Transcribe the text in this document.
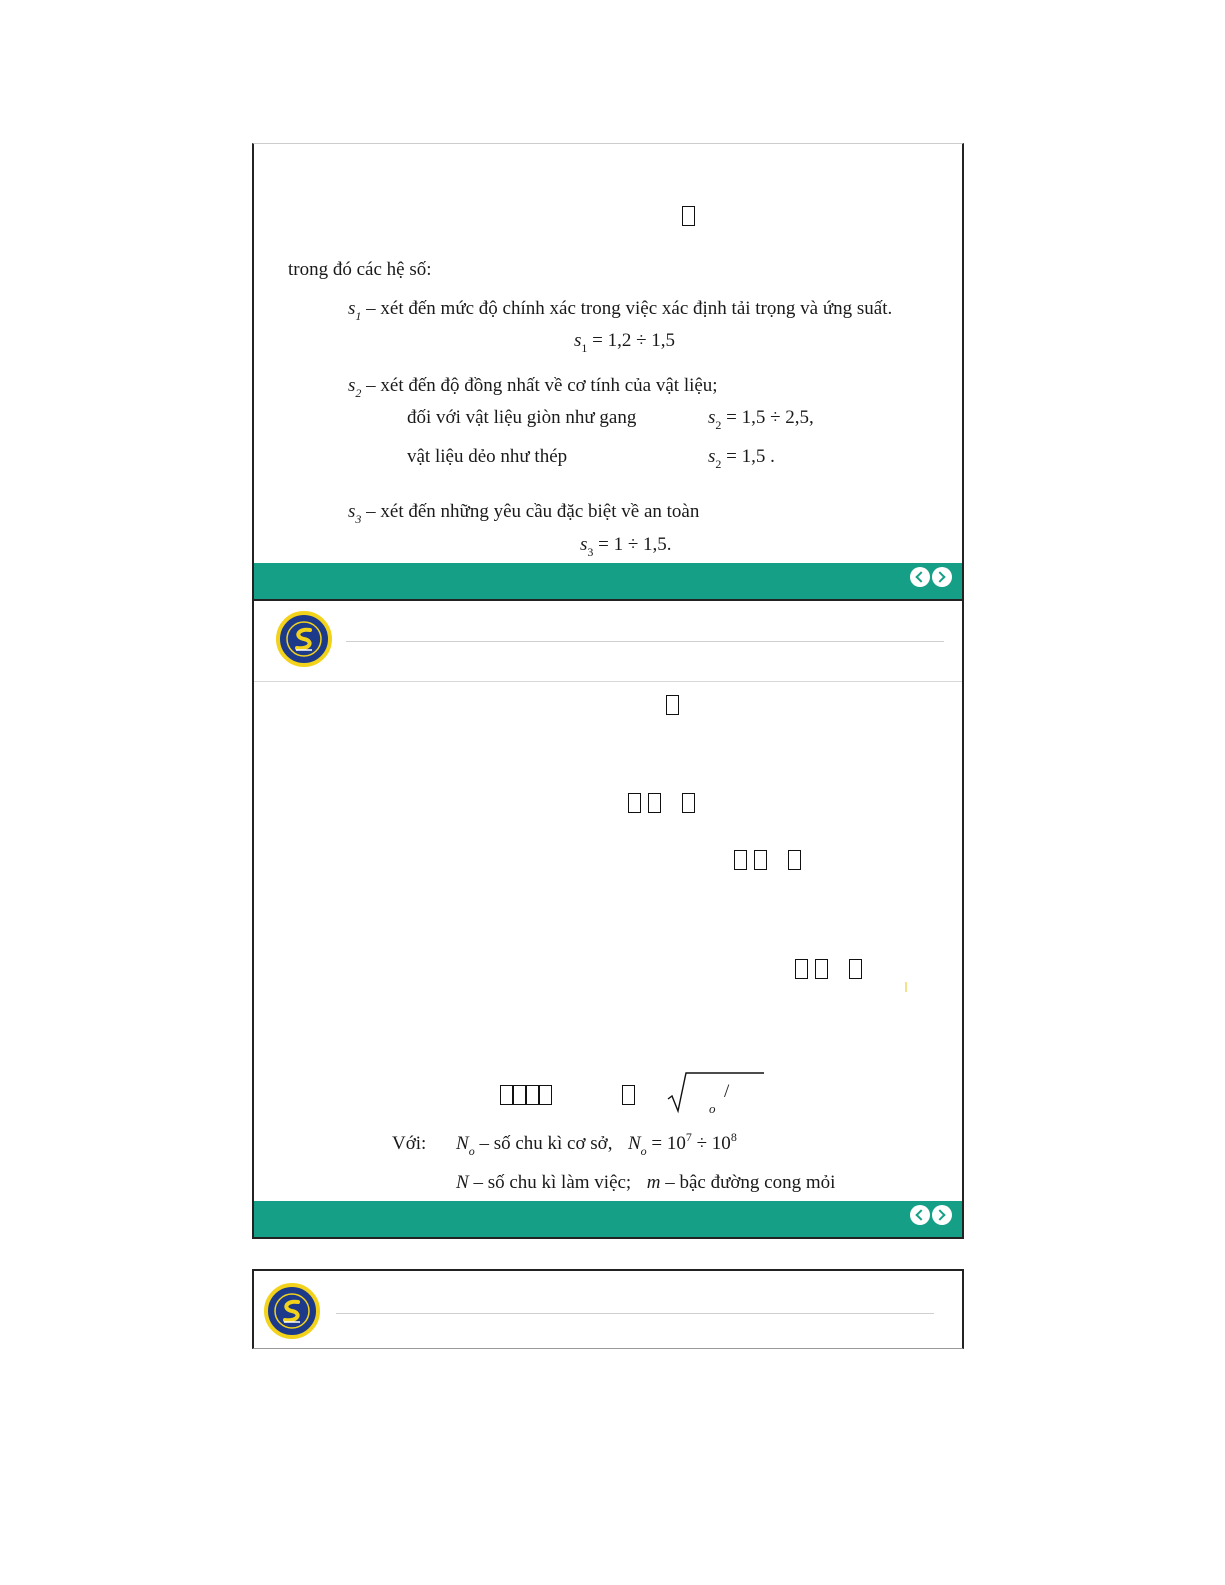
trong đó các hệ số:
$s_1$ – xét đến mức độ chính xác trong việc xác định tải trọng và ứng suất.
$s_1 = 1,2 \div 1,5$
$s_2$ – xét đến độ đồng nhất về cơ tính của vật liệu;
đối với vật liệu giòn như gang	$s_2 = 1,5 \div 2,5$,
vật liệu dẻo như thép	$s_2 = 1,5$ .
$s_3$ – xét đến những yêu cầu đặc biệt về an toàn
$s_3 = 1 \div 1,5$.
o
/
Với: $N_o$ – số chu kì cơ sở, $N_o = 10^7 \div 10^8$
N – số chu kì làm việc; m – bậc đường cong mỏi
